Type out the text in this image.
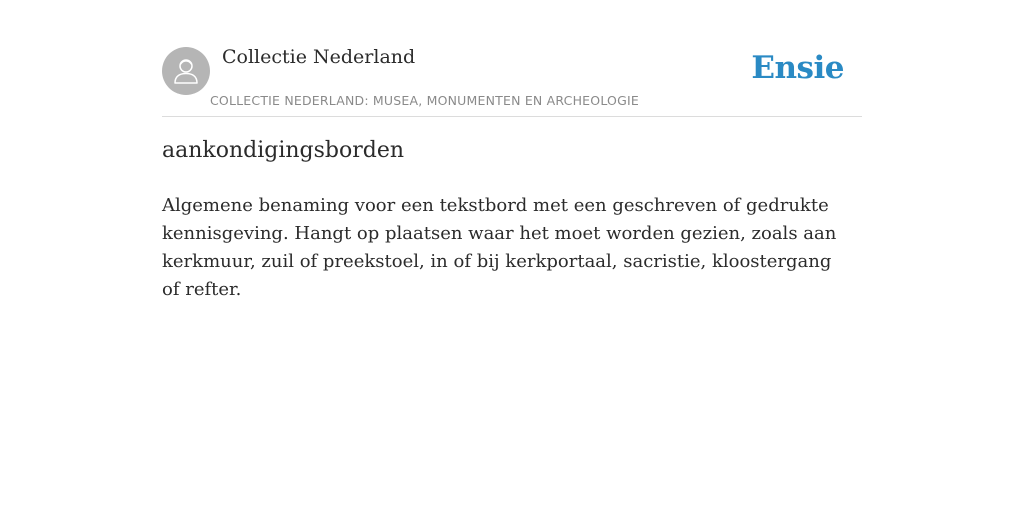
Collectie Nederland
COLLECTIE NEDERLAND: MUSEA, MONUMENTEN EN ARCHEOLOGIE
Ensie
aankondigingsborden

Algemene benaming voor een tekstbord met een geschreven of gedrukte kennisgeving. Hangt op plaatsen waar het moet worden gezien, zoals aan kerkmuur, zuil of preekstoel, in of bij kerkportaal, sacristie, kloostergang of refter.
